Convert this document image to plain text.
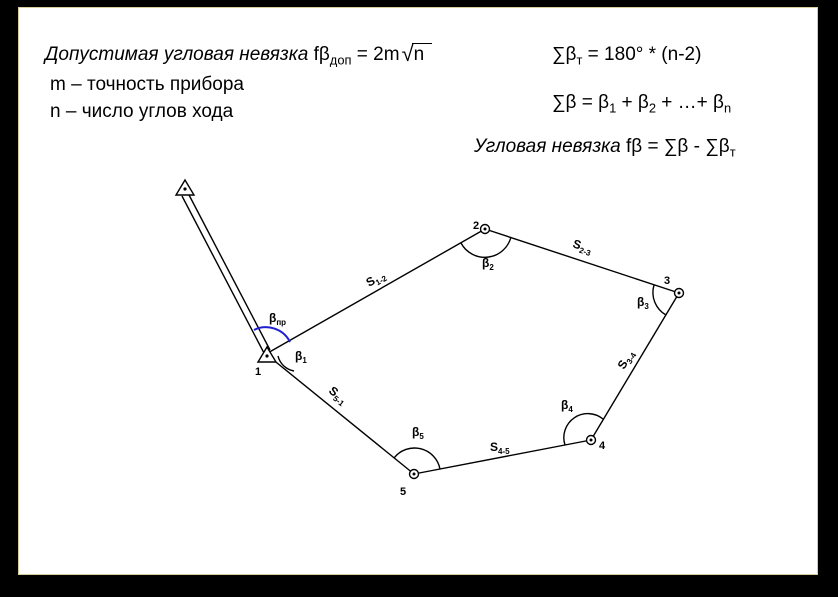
Допустимая угловая невязка $f\beta_{доп} = 2m$ √ n
m – точность прибора
n – число углов хода
$\sum\beta_т = 180^\circ * (n-2)$
$\sum\beta = \beta_1 + \beta_2$ + …+ $\beta_n$
Угловая невязка $f\beta = \sum\beta - \sum\beta_т$
1
2
3
4
5
$S_{1-2}$
$S_{2-3}$
$S_{3-4}$
$S_{4-5}$
$S_{5-1}$
$\beta_1$
$\beta_2$
$\beta_3$
$\beta_4$
$\beta_5$
$\beta_{пр}$
